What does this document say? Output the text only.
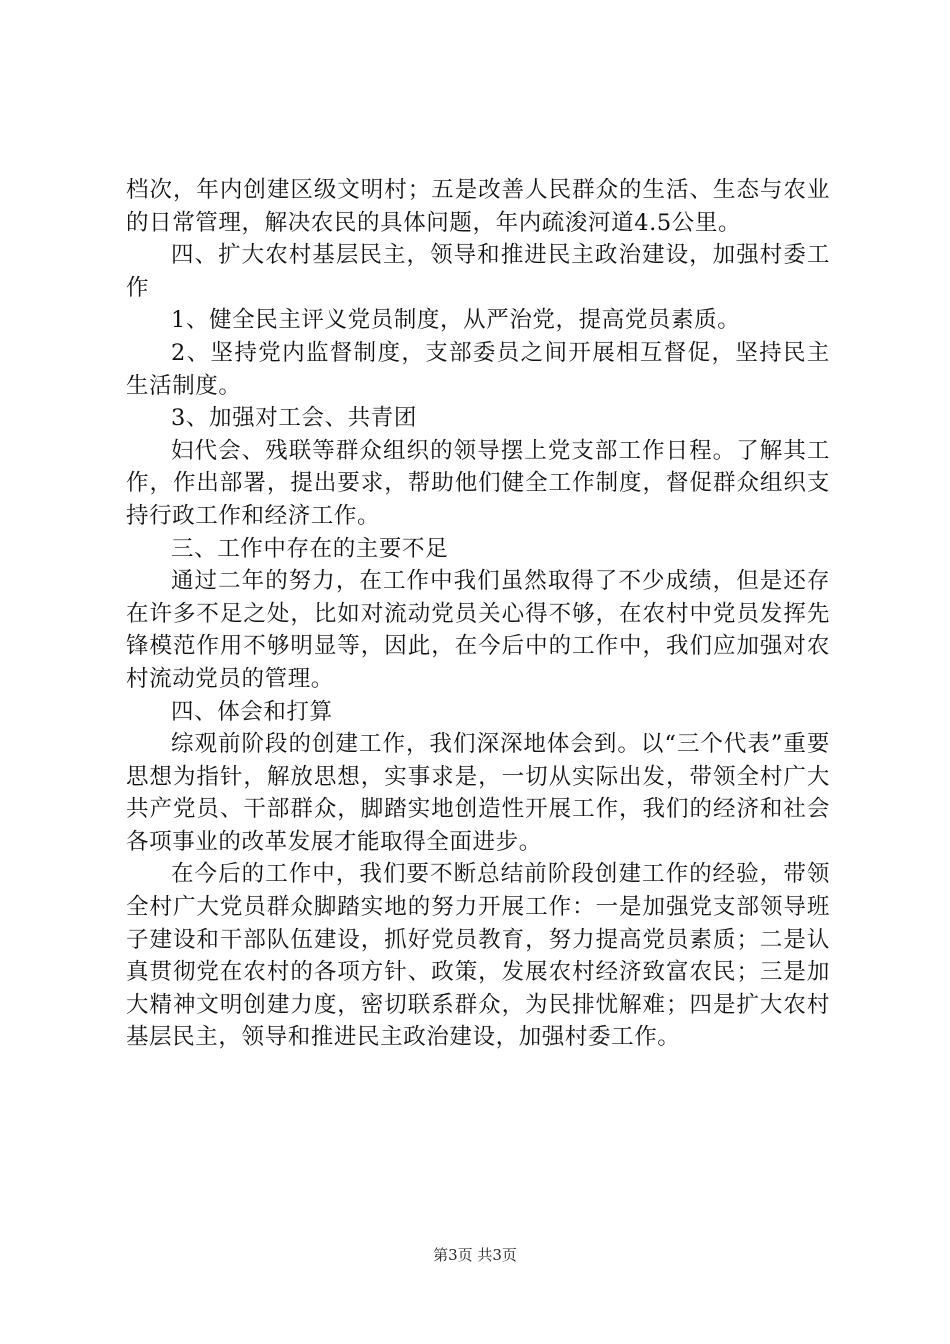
档次，年内创建区级文明村；五是改善人民群众的生活、生态与农业的日常管理，解决农民的具体问题，年内疏浚河道4.5公里。

四、扩大农村基层民主，领导和推进民主政治建设，加强村委工作

1、健全民主评义党员制度，从严治党，提高党员素质。

2、坚持党内监督制度，支部委员之间开展相互督促，坚持民主生活制度。

3、加强对工会、共青团

妇代会、残联等群众组织的领导摆上党支部工作日程。了解其工作，作出部署，提出要求，帮助他们健全工作制度，督促群众组织支持行政工作和经济工作。

三、工作中存在的主要不足

通过二年的努力，在工作中我们虽然取得了不少成绩，但是还存在许多不足之处，比如对流动党员关心得不够，在农村中党员发挥先锋模范作用不够明显等，因此，在今后中的工作中，我们应加强对农村流动党员的管理。

四、体会和打算

综观前阶段的创建工作，我们深深地体会到。以“三个代表”重要思想为指针，解放思想，实事求是，一切从实际出发，带领全村广大共产党员、干部群众，脚踏实地创造性开展工作，我们的经济和社会各项事业的改革发展才能取得全面进步。

在今后的工作中，我们要不断总结前阶段创建工作的经验，带领全村广大党员群众脚踏实地的努力开展工作：一是加强党支部领导班子建设和干部队伍建设，抓好党员教育，努力提高党员素质；二是认真贯彻党在农村的各项方针、政策，发展农村经济致富农民；三是加大精神文明创建力度，密切联系群众，为民排忧解难；四是扩大农村基层民主，领导和推进民主政治建设，加强村委工作。

第3页 共3页
